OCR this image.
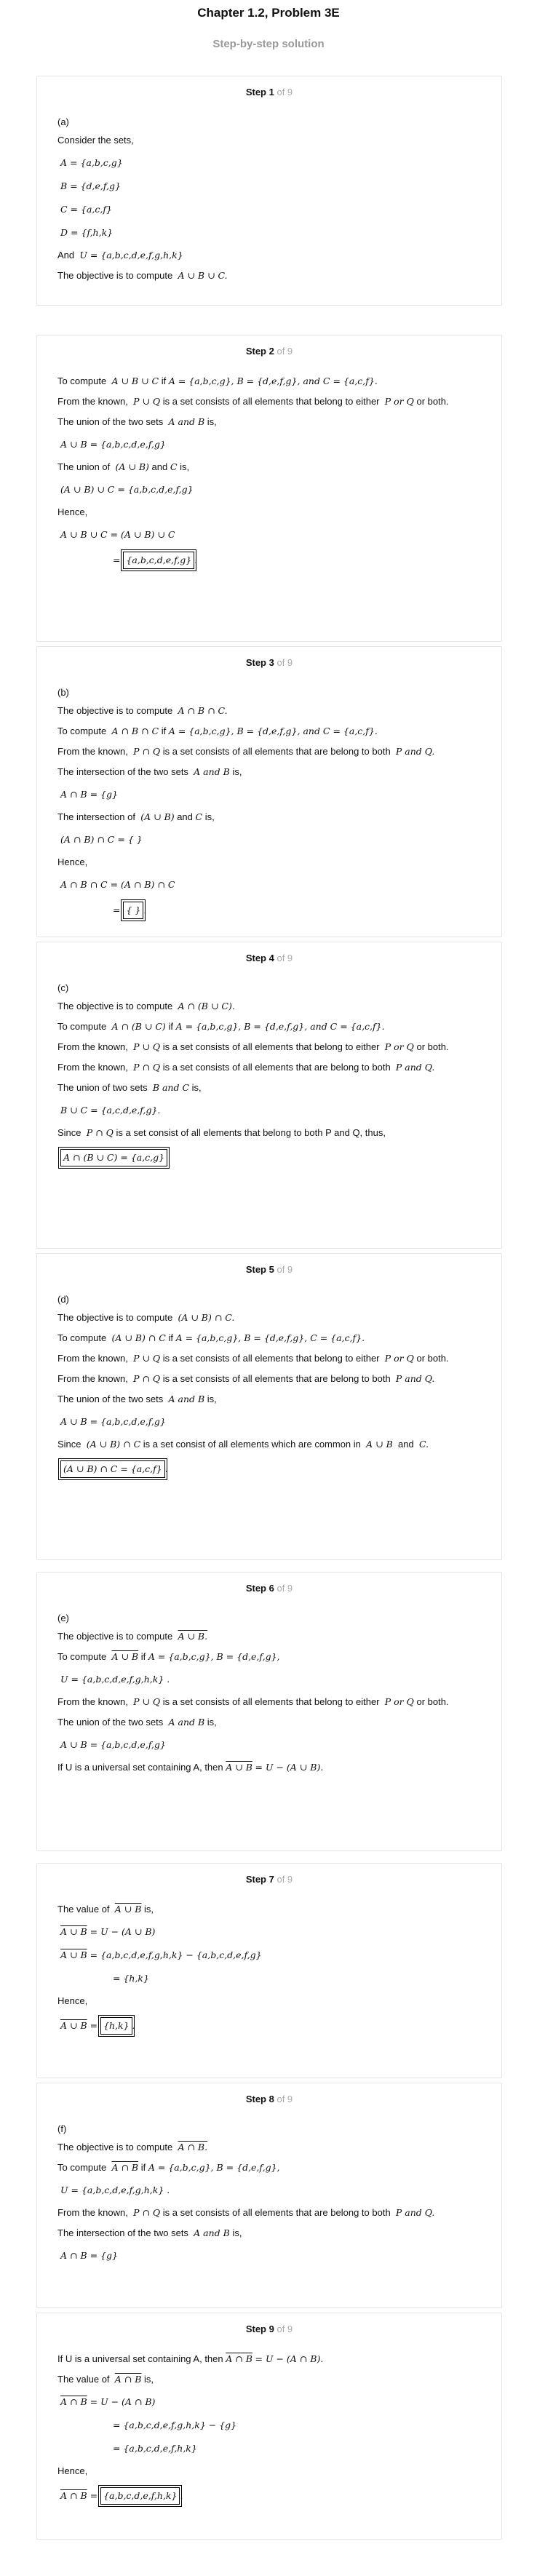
Chapter 1.2, Problem 3E
Step-by-step solution
Step 1 of 9
(a)
Consider the sets,
A = {a,b,c,g}
B = {d,e,f,g}
C = {a,c,f}
D = {f,h,k}
And U = {a,b,c,d,e,f,g,h,k}
The objective is to compute A ∪ B ∪ C.
Step 2 of 9
To compute A ∪ B ∪ C if A = {a,b,c,g}, B = {d,e,f,g}, and C = {a,c,f}.
From the known, P ∪ Q is a set consists of all elements that belong to either P or Q or both.
The union of the two sets A and B is,
A ∪ B = {a,b,c,d,e,f,g}
The union of (A ∪ B) and C is,
(A ∪ B) ∪ C = {a,b,c,d,e,f,g}
Hence,
A ∪ B ∪ C = (A ∪ B) ∪ C
= {a,b,c,d,e,f,g} .
Step 3 of 9
(b)
The objective is to compute A ∩ B ∩ C.
To compute A ∩ B ∩ C if A = {a,b,c,g}, B = {d,e,f,g}, and C = {a,c,f}.
From the known, P ∩ Q is a set consists of all elements that are belong to both P and Q.
The intersection of the two sets A and B is,
A ∩ B = {g}
The intersection of (A ∪ B) and C is,
(A ∩ B) ∩ C = { }
Hence,
A ∩ B ∩ C = (A ∩ B) ∩ C
= { } .
Step 4 of 9
(c)
The objective is to compute A ∩ (B ∪ C).
To compute A ∩ (B ∪ C) if A = {a,b,c,g}, B = {d,e,f,g}, and C = {a,c,f}.
From the known, P ∪ Q is a set consists of all elements that belong to either P or Q or both.
From the known, P ∩ Q is a set consists of all elements that are belong to both P and Q.
The union of two sets B and C is,
B ∪ C = {a,c,d,e,f,g}.
Since P ∩ Q is a set consist of all elements that belong to both P and Q, thus,
A ∩ (B ∪ C) = {a,c,g}
Step 5 of 9
(d)
The objective is to compute (A ∪ B) ∩ C.
To compute (A ∪ B) ∩ C if A = {a,b,c,g}, B = {d,e,f,g}, C = {a,c,f}.
From the known, P ∪ Q is a set consists of all elements that belong to either P or Q or both.
From the known, P ∩ Q is a set consists of all elements that are belong to both P and Q.
The union of the two sets A and B is,
A ∪ B = {a,b,c,d,e,f,g}
Since (A ∪ B) ∩ C is a set consist of all elements which are common in A ∪ B and C.
(A ∪ B) ∩ C = {a,c,f} .
Step 6 of 9
(e)
The objective is to compute A ∪ B.
To compute A ∪ B if A = {a,b,c,g}, B = {d,e,f,g},
U = {a,b,c,d,e,f,g,h,k} .
From the known, P ∪ Q is a set consists of all elements that belong to either P or Q or both.
The union of the two sets A and B is,
A ∪ B = {a,b,c,d,e,f,g}
If U is a universal set containing A, then A ∪ B = U − (A ∪ B).
Step 7 of 9
The value of A ∪ B is,
A ∪ B = U − (A ∪ B)
A ∪ B = {a,b,c,d,e,f,g,h,k} − {a,b,c,d,e,f,g}
= {h,k}
Hence,
A ∪ B = {h,k} .
Step 8 of 9
(f)
The objective is to compute A ∩ B.
To compute A ∩ B if A = {a,b,c,g}, B = {d,e,f,g},
U = {a,b,c,d,e,f,g,h,k} .
From the known, P ∩ Q is a set consists of all elements that are belong to both P and Q.
The intersection of the two sets A and B is,
A ∩ B = {g}
Step 9 of 9
If U is a universal set containing A, then A ∩ B = U − (A ∩ B).
The value of A ∩ B is,
A ∩ B = U − (A ∩ B)
= {a,b,c,d,e,f,g,h,k} − {g}
= {a,b,c,d,e,f,h,k}
Hence,
A ∩ B = {a,b,c,d,e,f,h,k} .
